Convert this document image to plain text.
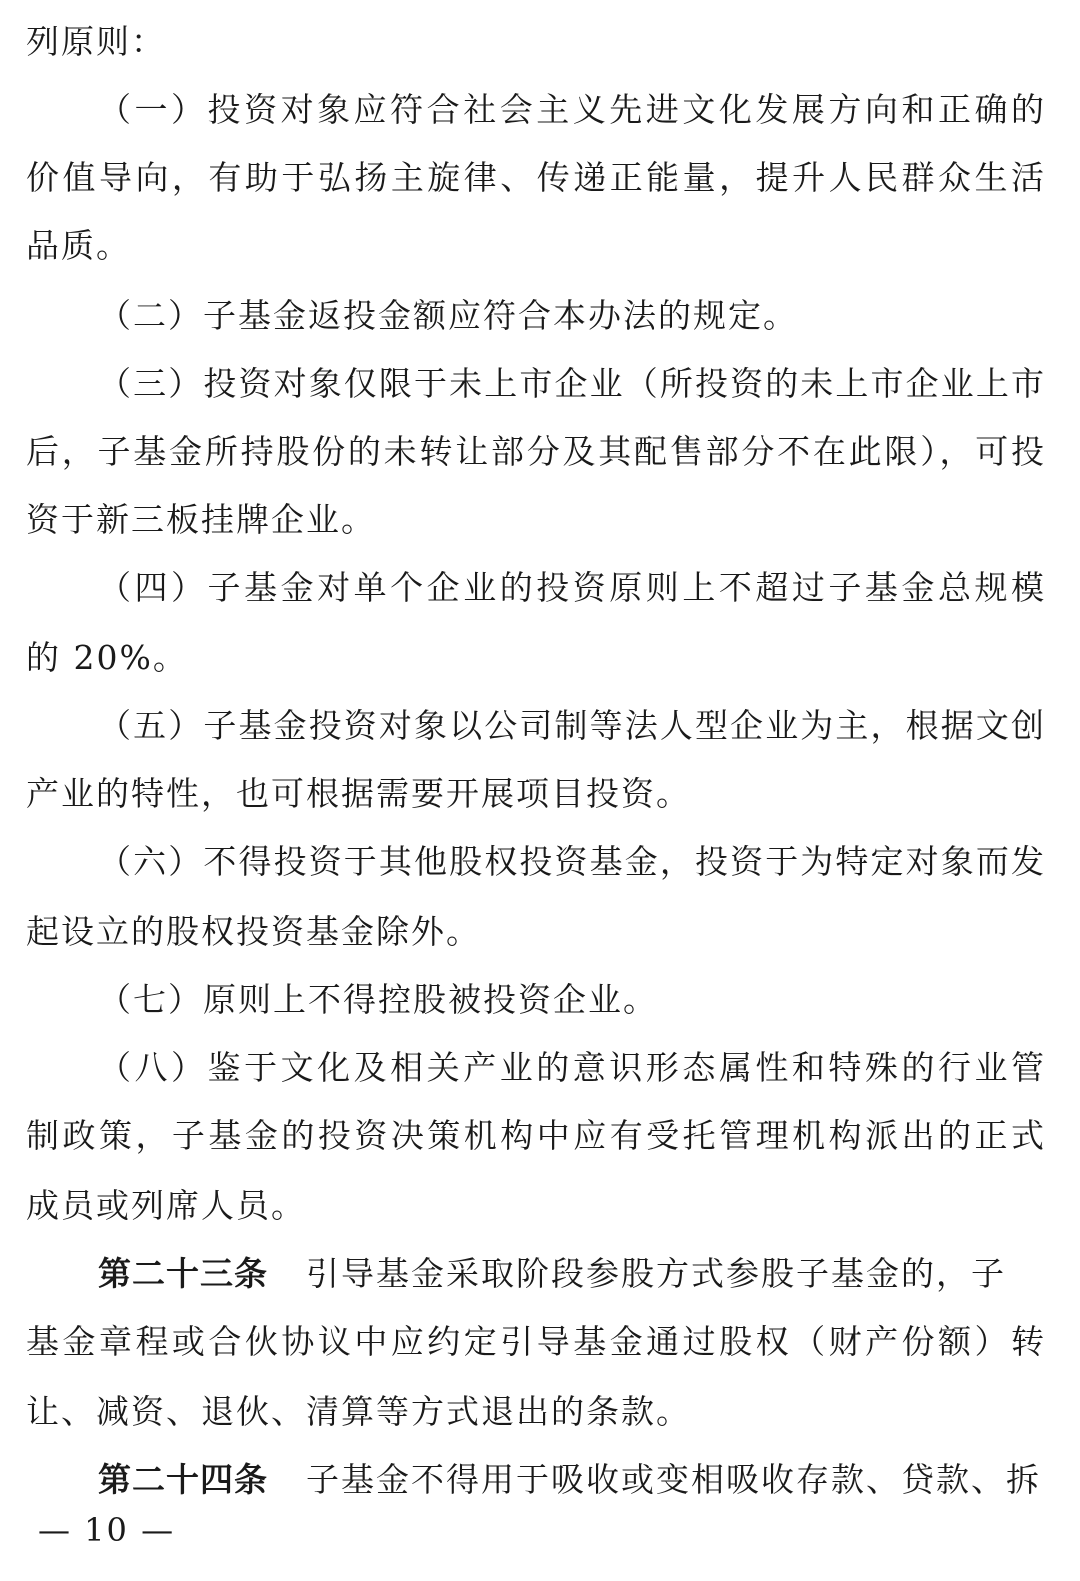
列原则：
（一）投资对象应符合社会主义先进文化发展方向和正确的
价值导向，有助于弘扬主旋律、传递正能量，提升人民群众生活
品质。
（二）子基金返投金额应符合本办法的规定。
（三）投资对象仅限于未上市企业（所投资的未上市企业上市
后，子基金所持股份的未转让部分及其配售部分不在此限），可投
资于新三板挂牌企业。
（四）子基金对单个企业的投资原则上不超过子基金总规模
的 20%。
（五）子基金投资对象以公司制等法人型企业为主，根据文创
产业的特性，也可根据需要开展项目投资。
（六）不得投资于其他股权投资基金，投资于为特定对象而发
起设立的股权投资基金除外。
（七）原则上不得控股被投资企业。
（八）鉴于文化及相关产业的意识形态属性和特殊的行业管
制政策，子基金的投资决策机构中应有受托管理机构派出的正式
成员或列席人员。
第二十三条 引导基金采取阶段参股方式参股子基金的，子
基金章程或合伙协议中应约定引导基金通过股权（财产份额）转
让、减资、退伙、清算等方式退出的条款。
第二十四条 子基金不得用于吸收或变相吸收存款、贷款、拆
— 10 —
